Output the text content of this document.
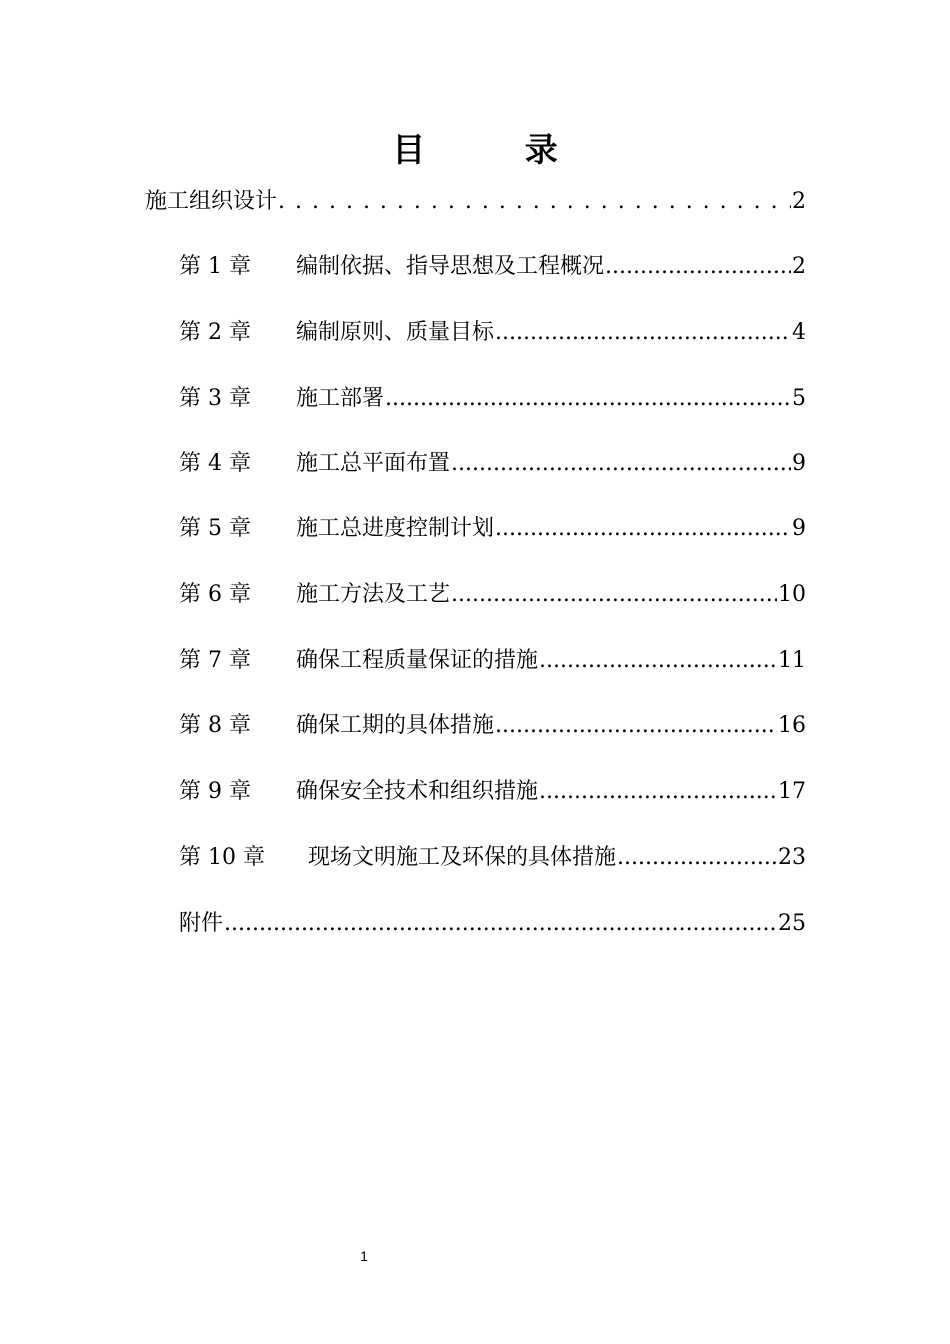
目 录
施工组织设计 . . .	2
第 1 章	编制依据、指导思想及工程概况 .....	2
第 2 章	编制原则、质量目标 .....	4
第 3 章	施工部署 .....	5
第 4 章	施工总平面布置 .....	9
第 5 章	施工总进度控制计划 .....	9
第 6 章	施工方法及工艺 .....	10
第 7 章	确保工程质量保证的措施 .....	11
第 8 章	确保工期的具体措施 .....	16
第 9 章	确保安全技术和组织措施 .....	17
第 10 章	现场文明施工及环保的具体措施 .....	23
附件 .....	25
1
